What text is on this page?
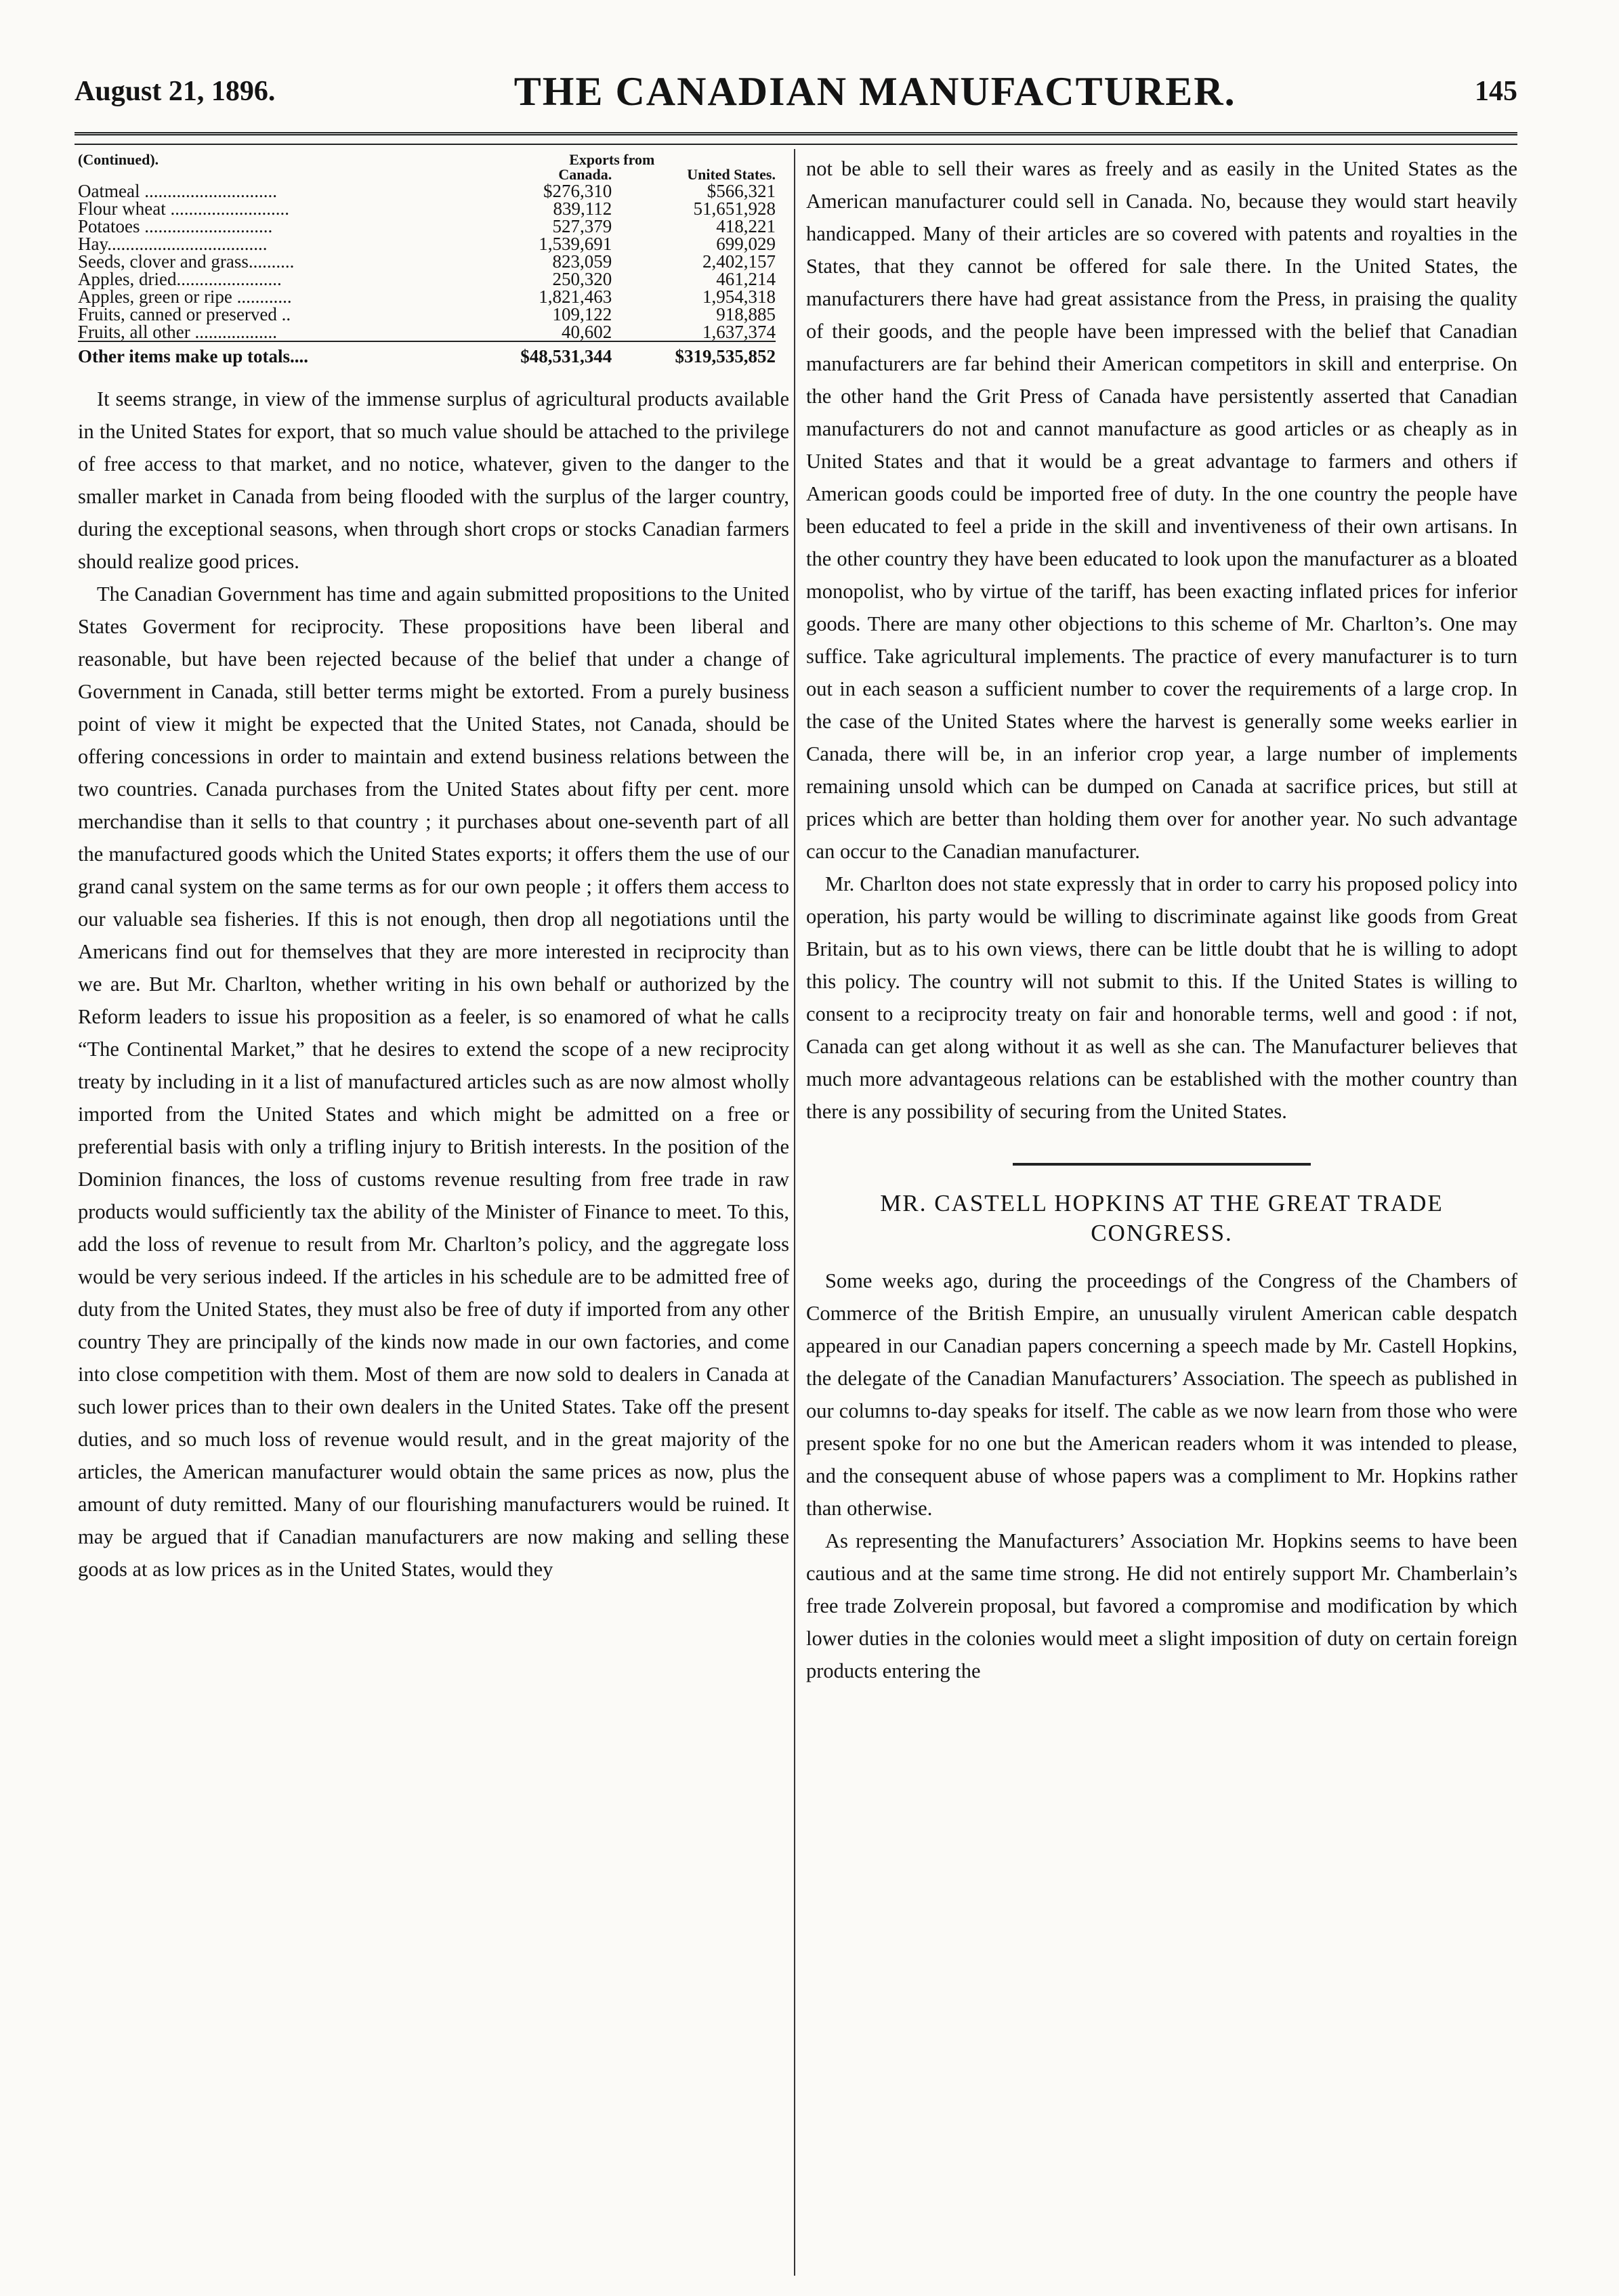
August 21, 1896.	THE CANADIAN MANUFACTURER.	145
(Continued).	Exports from	
	Canada.	United States.
Oatmeal .............................	$276,310	$566,321
Flour wheat ..........................	839,112	51,651,928
Potatoes ............................	527,379	418,221
Hay...................................	1,539,691	699,029
Seeds, clover and grass..........	823,059	2,402,157
Apples, dried.......................	250,320	461,214
Apples, green or ripe ............	1,821,463	1,954,318
Fruits, canned or preserved ..	109,122	918,885
Fruits, all other ..................	40,602	1,637,374

Other items make up totals....	$48,531,344	$319,535,852

It seems strange, in view of the immense surplus of agricultural products available in the United States for export, that so much value should be attached to the privilege of free access to that market, and no notice, whatever, given to the danger to the smaller market in Canada from being flooded with the surplus of the larger country, during the exceptional seasons, when through short crops or stocks Canadian farmers should realize good prices.

The Canadian Government has time and again submitted propositions to the United States Goverment for reciprocity. These propositions have been liberal and reasonable, but have been rejected because of the belief that under a change of Government in Canada, still better terms might be extorted. From a purely business point of view it might be expected that the United States, not Canada, should be offering concessions in order to maintain and extend business relations between the two countries. Canada purchases from the United States about fifty per cent. more merchandise than it sells to that country ; it purchases about one-seventh part of all the manufactured goods which the United States exports; it offers them the use of our grand canal system on the same terms as for our own people ; it offers them access to our valuable sea fisheries. If this is not enough, then drop all negotiations until the Americans find out for themselves that they are more interested in reciprocity than we are. But Mr. Charlton, whether writing in his own behalf or authorized by the Reform leaders to issue his proposition as a feeler, is so enamored of what he calls “The Continental Market,” that he desires to extend the scope of a new reciprocity treaty by including in it a list of manufactured articles such as are now almost wholly imported from the United States and which might be admitted on a free or preferential basis with only a trifling injury to British interests. In the position of the Dominion finances, the loss of customs revenue resulting from free trade in raw products would sufficiently tax the ability of the Minister of Finance to meet. To this, add the loss of revenue to result from Mr. Charlton’s policy, and the aggregate loss would be very serious indeed. If the articles in his schedule are to be admitted free of duty from the United States, they must also be free of duty if imported from any other country They are principally of the kinds now made in our own factories, and come into close competition with them. Most of them are now sold to dealers in Canada at such lower prices than to their own dealers in the United States. Take off the present duties, and so much loss of revenue would result, and in the great majority of the articles, the American manufacturer would obtain the same prices as now, plus the amount of duty remitted. Many of our flourishing manufacturers would be ruined. It may be argued that if Canadian manufacturers are now making and selling these goods at as low prices as in the United States, would they

not be able to sell their wares as freely and as easily in the United States as the American manufacturer could sell in Canada. No, because they would start heavily handicapped. Many of their articles are so covered with patents and royalties in the States, that they cannot be offered for sale there. In the United States, the manufacturers there have had great assistance from the Press, in praising the quality of their goods, and the people have been impressed with the belief that Canadian manufacturers are far behind their American competitors in skill and enterprise. On the other hand the Grit Press of Canada have persistently asserted that Canadian manufacturers do not and cannot manufacture as good articles or as cheaply as in United States and that it would be a great advantage to farmers and others if American goods could be imported free of duty. In the one country the people have been educated to feel a pride in the skill and inventiveness of their own artisans. In the other country they have been educated to look upon the manufacturer as a bloated monopolist, who by virtue of the tariff, has been exacting inflated prices for inferior goods. There are many other objections to this scheme of Mr. Charlton’s. One may suffice. Take agricultural implements. The practice of every manufacturer is to turn out in each season a sufficient number to cover the requirements of a large crop. In the case of the United States where the harvest is generally some weeks earlier in Canada, there will be, in an inferior crop year, a large number of implements remaining unsold which can be dumped on Canada at sacrifice prices, but still at prices which are better than holding them over for another year. No such advantage can occur to the Canadian manufacturer.

Mr. Charlton does not state expressly that in order to carry his proposed policy into operation, his party would be willing to discriminate against like goods from Great Britain, but as to his own views, there can be little doubt that he is willing to adopt this policy. The country will not submit to this. If the United States is willing to consent to a reciprocity treaty on fair and honorable terms, well and good : if not, Canada can get along without it as well as she can. The Manufacturer believes that much more advantageous relations can be established with the mother country than there is any possibility of securing from the United States.

MR. CASTELL HOPKINS AT THE GREAT TRADE CONGRESS.

Some weeks ago, during the proceedings of the Congress of the Chambers of Commerce of the British Empire, an unusually virulent American cable despatch appeared in our Canadian papers concerning a speech made by Mr. Castell Hopkins, the delegate of the Canadian Manufacturers’ Association. The speech as published in our columns to-day speaks for itself. The cable as we now learn from those who were present spoke for no one but the American readers whom it was intended to please, and the consequent abuse of whose papers was a compliment to Mr. Hopkins rather than otherwise.

As representing the Manufacturers’ Association Mr. Hopkins seems to have been cautious and at the same time strong. He did not entirely support Mr. Chamberlain’s free trade Zolverein proposal, but favored a compromise and modification by which lower duties in the colonies would meet a slight imposition of duty on certain foreign products entering the
